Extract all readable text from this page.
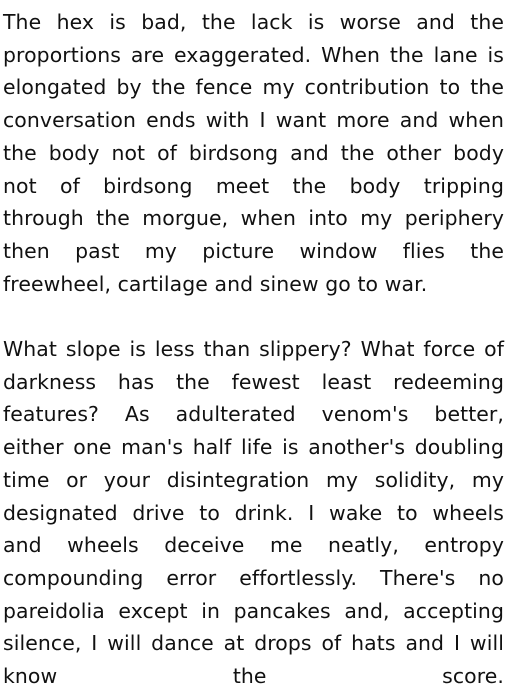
The hex is bad, the lack is worse and the
proportions are exaggerated. When the lane is
elongated by the fence my contribution to the
conversation ends with I want more and when
the body not of birdsong and the other body
not of birdsong meet the body tripping
through the morgue, when into my periphery
then past my picture window flies the
freewheel, cartilage and sinew go to war.

What slope is less than slippery? What force of
darkness has the fewest least redeeming
features? As adulterated venom's better,
either one man's half life is another's doubling
time or your disintegration my solidity, my
designated drive to drink. I wake to wheels
and wheels deceive me neatly, entropy
compounding error effortlessly. There's no
pareidolia except in pancakes and, accepting
silence, I will dance at drops of hats and I will
know the score.
